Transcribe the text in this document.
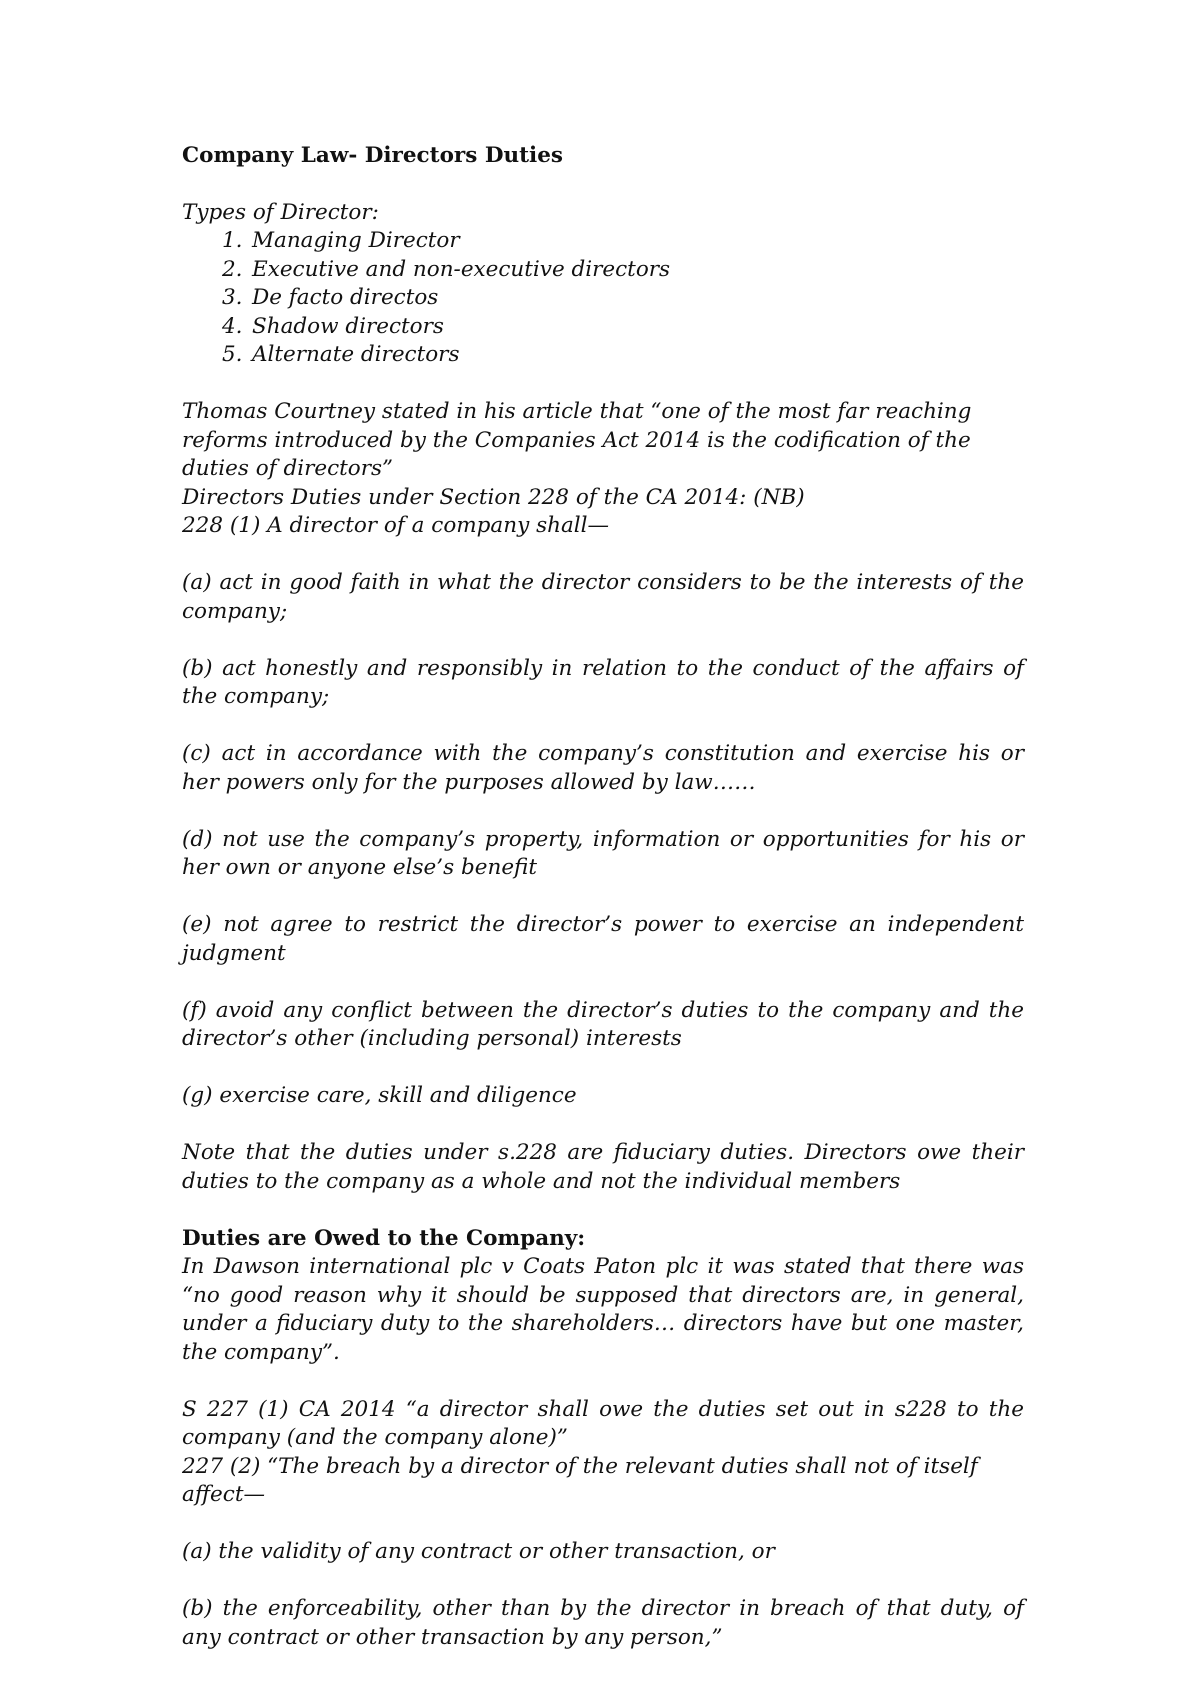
Company Law- Directors Duties

Types of Director:

1. Managing Director
2. Executive and non-executive directors
3. De facto directos
4. Shadow directors
5. Alternate directors

Thomas Courtney stated in his article that “one of the most far reaching reforms introduced by the Companies Act 2014 is the codification of the duties of directors”

Directors Duties under Section 228 of the CA 2014: (NB)

228 (1) A director of a company shall—

(a) act in good faith in what the director considers to be the interests of the company;

(b) act honestly and responsibly in relation to the conduct of the affairs of the company;

(c) act in accordance with the company’s constitution and exercise his or her powers only for the purposes allowed by law……

(d) not use the company’s property, information or opportunities for his or her own or anyone else’s benefit

(e) not agree to restrict the director’s power to exercise an independent judgment

(f) avoid any conflict between the director’s duties to the company and the director’s other (including personal) interests

(g) exercise care, skill and diligence

Note that the duties under s.228 are fiduciary duties. Directors owe their duties to the company as a whole and not the individual members

Duties are Owed to the Company:

In Dawson international plc v Coats Paton plc it was stated that there was “no good reason why it should be supposed that directors are, in general, under a fiduciary duty to the shareholders… directors have but one master, the company”.

S 227 (1) CA 2014 “a director shall owe the duties set out in s228 to the company (and the company alone)”

227 (2) “The breach by a director of the relevant duties shall not of itself affect—

(a) the validity of any contract or other transaction, or

(b) the enforceability, other than by the director in breach of that duty, of any contract or other transaction by any person,”
